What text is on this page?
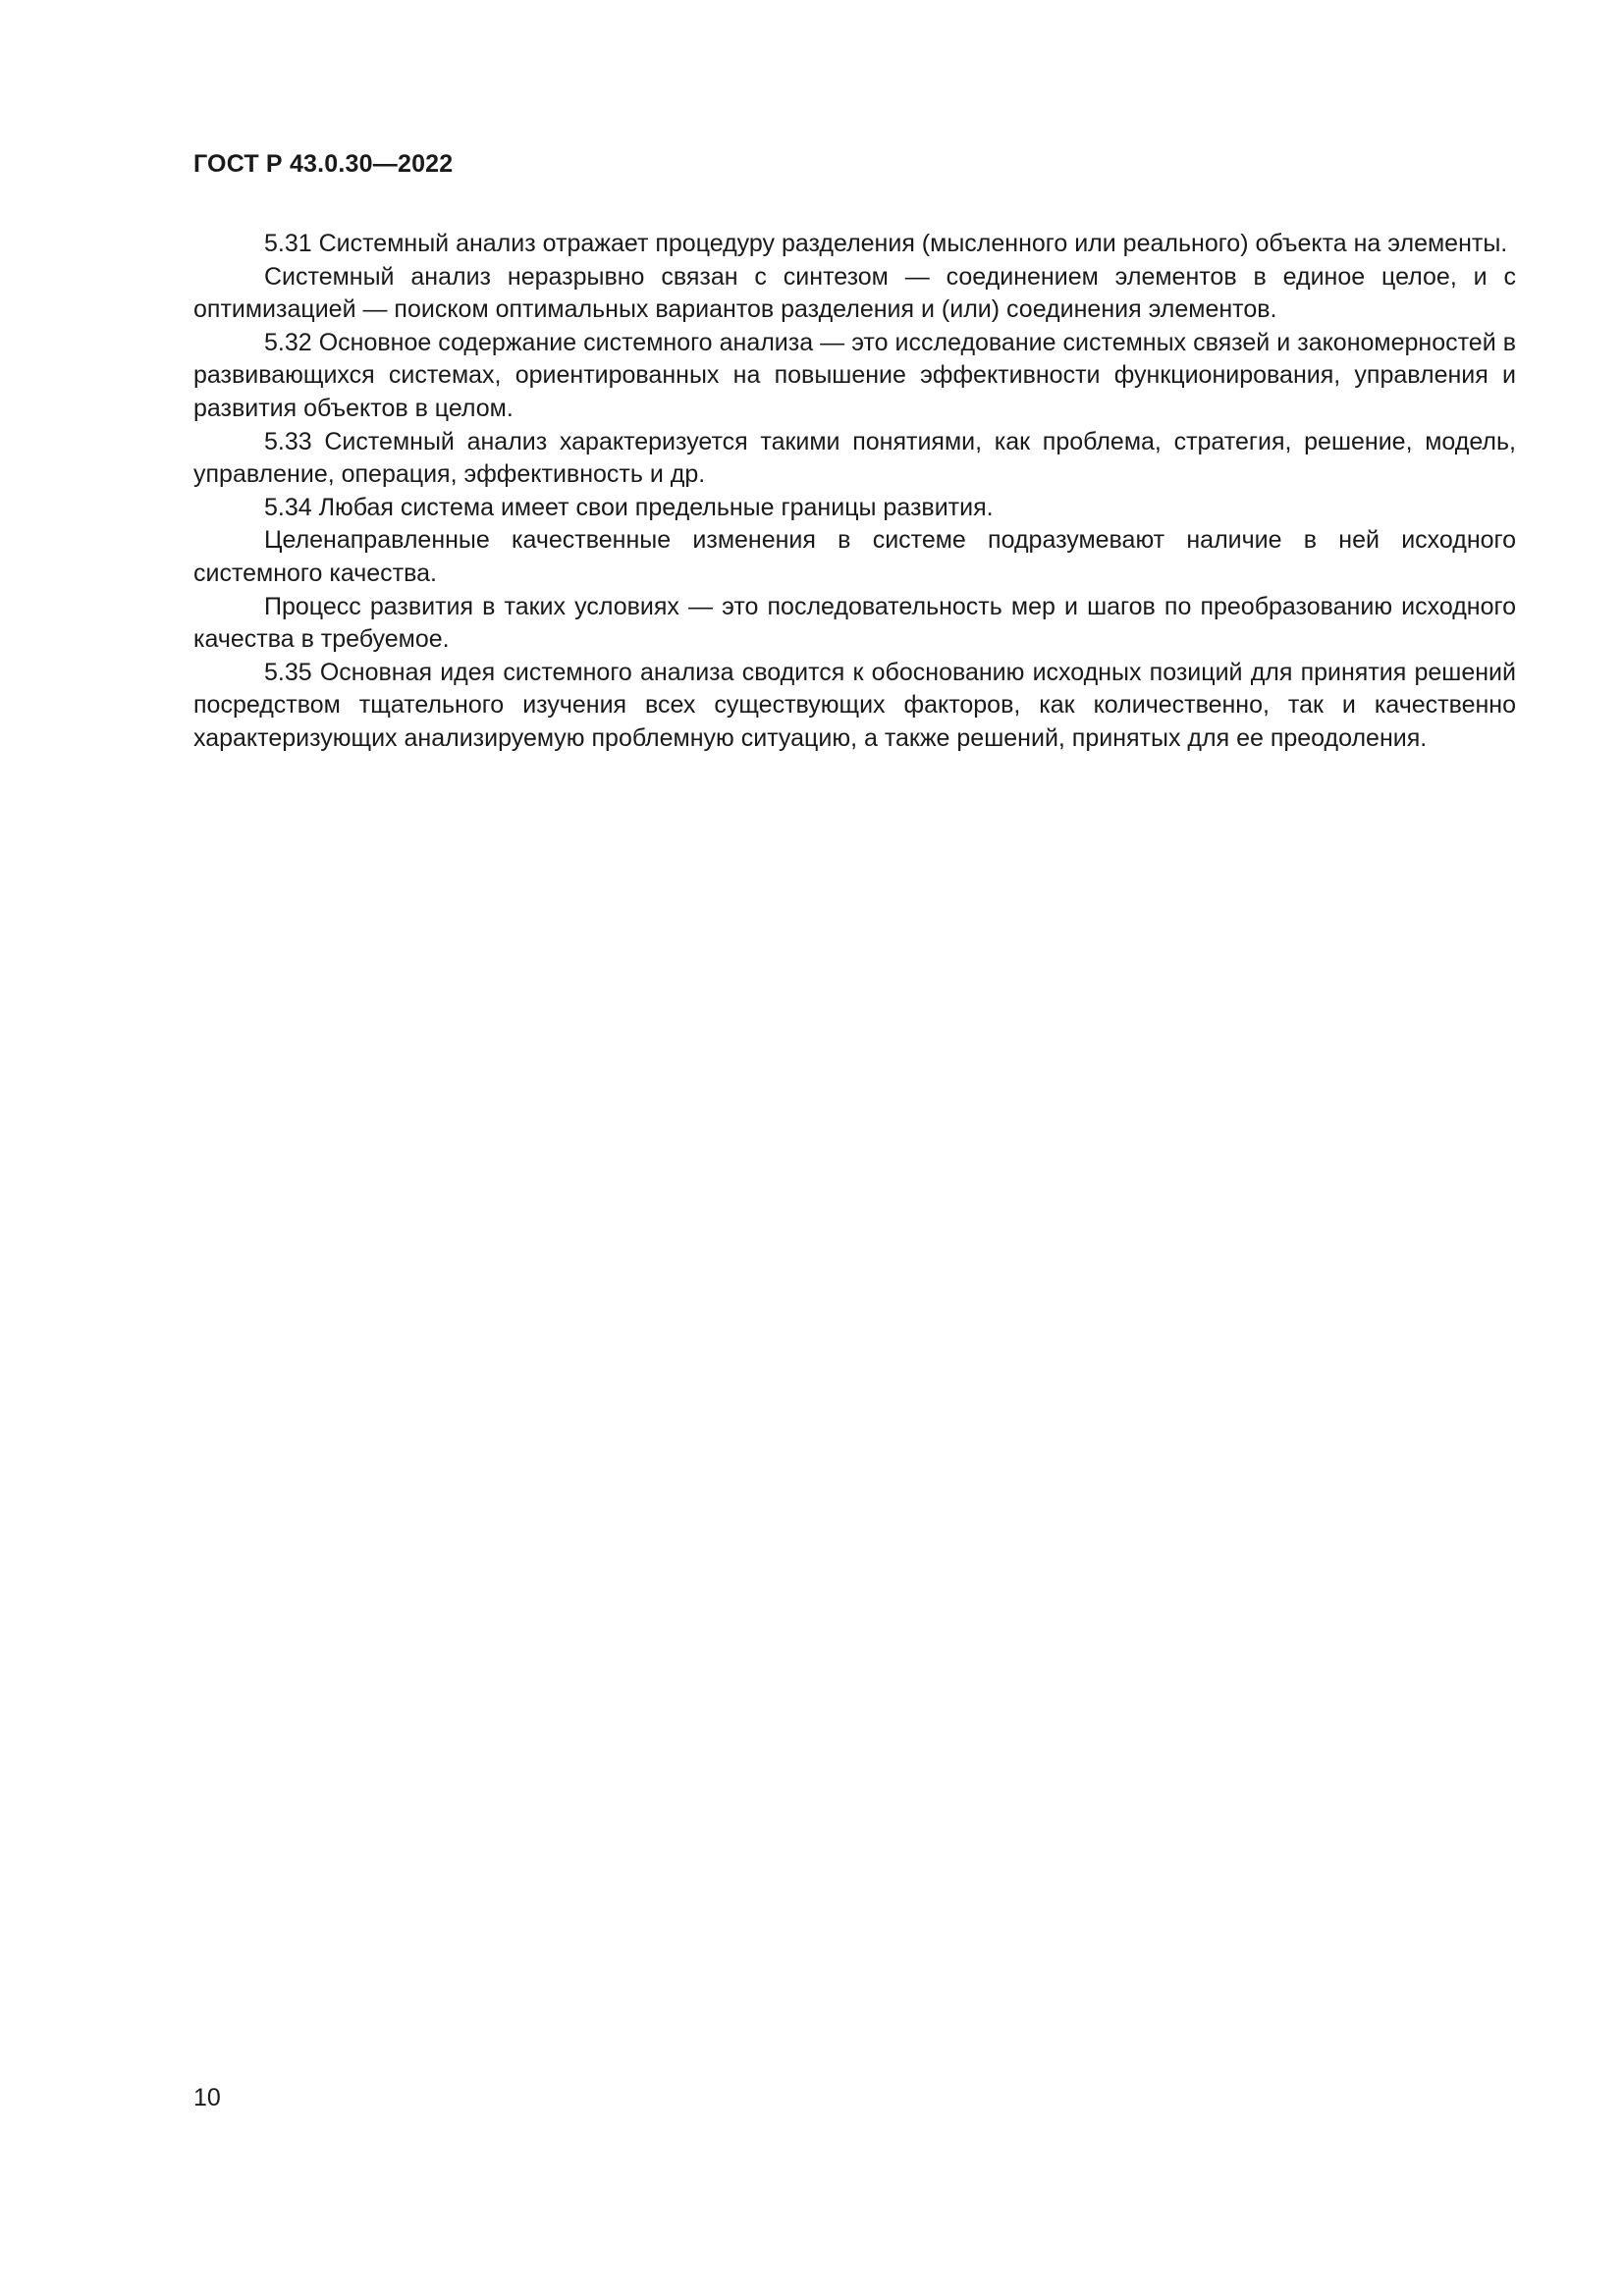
ГОСТ Р 43.0.30—2022

5.31 Системный анализ отражает процедуру разделения (мысленного или реального) объекта на элементы.

Системный анализ неразрывно связан с синтезом — соединением элементов в единое целое, и с оптимизацией — поиском оптимальных вариантов разделения и (или) соединения элементов.

5.32 Основное содержание системного анализа — это исследование системных связей и закономерностей в развивающихся системах, ориентированных на повышение эффективности функционирования, управления и развития объектов в целом.

5.33 Системный анализ характеризуется такими понятиями, как проблема, стратегия, решение, модель, управление, операция, эффективность и др.

5.34 Любая система имеет свои предельные границы развития.

Целенаправленные качественные изменения в системе подразумевают наличие в ней исходного системного качества.

Процесс развития в таких условиях — это последовательность мер и шагов по преобразованию исходного качества в требуемое.

5.35 Основная идея системного анализа сводится к обоснованию исходных позиций для принятия решений посредством тщательного изучения всех существующих факторов, как количественно, так и качественно характеризующих анализируемую проблемную ситуацию, а также решений, принятых для ее преодоления.

10
